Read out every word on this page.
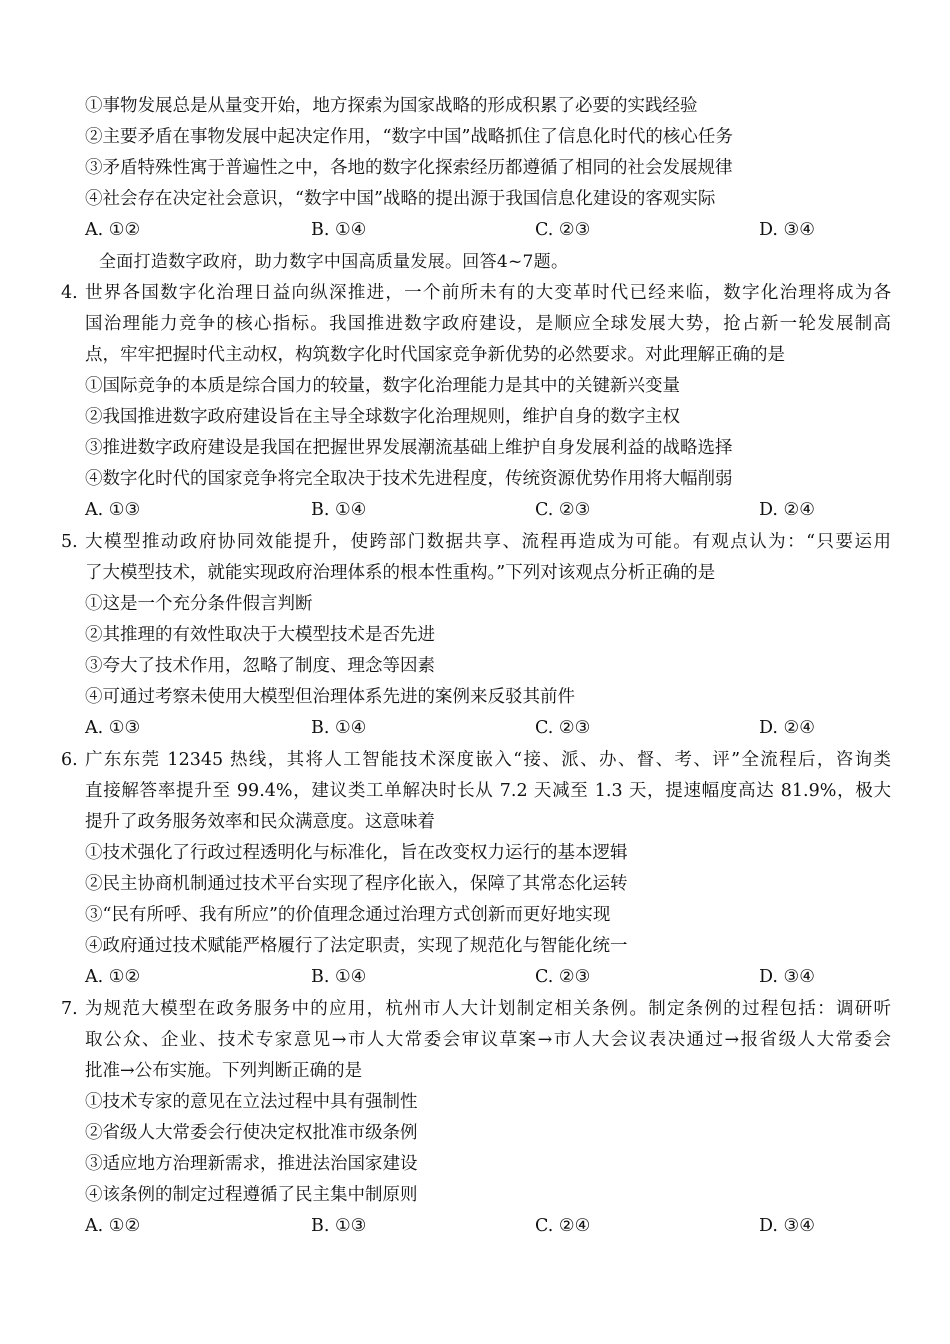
①事物发展总是从量变开始，地方探索为国家战略的形成积累了必要的实践经验
②主要矛盾在事物发展中起决定作用，“数字中国”战略抓住了信息化时代的核心任务
③矛盾特殊性寓于普遍性之中，各地的数字化探索经历都遵循了相同的社会发展规律
④社会存在决定社会意识，“数字中国”战略的提出源于我国信息化建设的客观实际
A. ①②	B. ①④	C. ②③	D. ③④
全面打造数字政府，助力数字中国高质量发展。回答4~7题。
4. 世界各国数字化治理日益向纵深推进，一个前所未有的大变革时代已经来临，数字化治理将成为各
国治理能力竞争的核心指标。我国推进数字政府建设，是顺应全球发展大势，抢占新一轮发展制高
点，牢牢把握时代主动权，构筑数字化时代国家竞争新优势的必然要求。对此理解正确的是
①国际竞争的本质是综合国力的较量，数字化治理能力是其中的关键新兴变量
②我国推进数字政府建设旨在主导全球数字化治理规则，维护自身的数字主权
③推进数字政府建设是我国在把握世界发展潮流基础上维护自身发展利益的战略选择
④数字化时代的国家竞争将完全取决于技术先进程度，传统资源优势作用将大幅削弱
A. ①③	B. ①④	C. ②③	D. ②④
5. 大模型推动政府协同效能提升，使跨部门数据共享、流程再造成为可能。有观点认为：“只要运用
了大模型技术，就能实现政府治理体系的根本性重构。”下列对该观点分析正确的是
①这是一个充分条件假言判断
②其推理的有效性取决于大模型技术是否先进
③夸大了技术作用，忽略了制度、理念等因素
④可通过考察未使用大模型但治理体系先进的案例来反驳其前件
A. ①③	B. ①④	C. ②③	D. ②④
6. 广东东莞 12345 热线，其将人工智能技术深度嵌入“接、派、办、督、考、评”全流程后，咨询类
直接解答率提升至 99.4%，建议类工单解决时长从 7.2 天减至 1.3 天，提速幅度高达 81.9%，极大
提升了政务服务效率和民众满意度。这意味着
①技术强化了行政过程透明化与标准化，旨在改变权力运行的基本逻辑
②民主协商机制通过技术平台实现了程序化嵌入，保障了其常态化运转
③“民有所呼、我有所应”的价值理念通过治理方式创新而更好地实现
④政府通过技术赋能严格履行了法定职责，实现了规范化与智能化统一
A. ①②	B. ①④	C. ②③	D. ③④
7. 为规范大模型在政务服务中的应用，杭州市人大计划制定相关条例。制定条例的过程包括：调研听
取公众、企业、技术专家意见→市人大常委会审议草案→市人大会议表决通过→报省级人大常委会
批准→公布实施。下列判断正确的是
①技术专家的意见在立法过程中具有强制性
②省级人大常委会行使决定权批准市级条例
③适应地方治理新需求，推进法治国家建设
④该条例的制定过程遵循了民主集中制原则
A. ①②	B. ①③	C. ②④	D. ③④
